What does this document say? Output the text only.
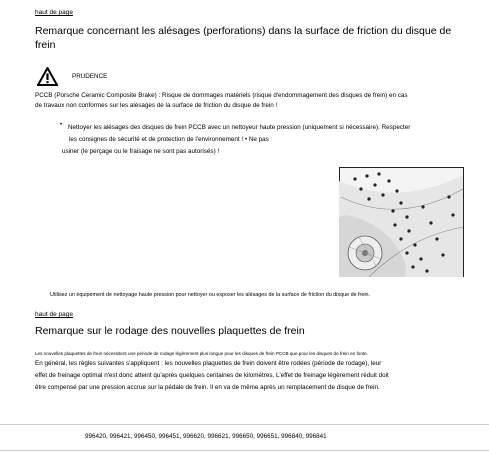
haut de page
Remarque concernant les alésages (perforations) dans la surface de friction du disque de frein
PRUDENCE
PCCB (Porsche Ceramic Composite Brake) : Risque de dommages matériels (risque d'endommagement des disques de frein) en cas
de travaux non conformes sur les alésages de la surface de friction du disque de frein !
• Nettoyer les alésages des disques de frein PCCB avec un nettoyeur haute pression (uniquement si nécessaire). Respecter
les consignes de sécurité et de protection de l'environnement ! • Ne pas
usiner (le perçage ou le fraisage ne sont pas autorisés) !
Utilisez un équipement de nettoyage haute pression pour nettoyer ou exposer les alésages de la surface de friction du disque de frein.
haut de page
Remarque sur le rodage des nouvelles plaquettes de frein
Les nouvelles plaquettes de frein nécessitent une période de rodage légèrement plus longue pour les disques de frein PCCB que pour les disques de frein en fonte.
En général, les règles suivantes s'appliquent : les nouvelles plaquettes de frein doivent être rodées (période de rodage), leur
effet de freinage optimal n'est donc atteint qu'après quelques centaines de kilomètres. L'effet de freinage légèrement réduit doit
être compensé par une pression accrue sur la pédale de frein. Il en va de même après un remplacement de disque de frein.
996420, 996421, 996450, 996451, 996620, 996621, 996650, 996651, 996840, 996841
